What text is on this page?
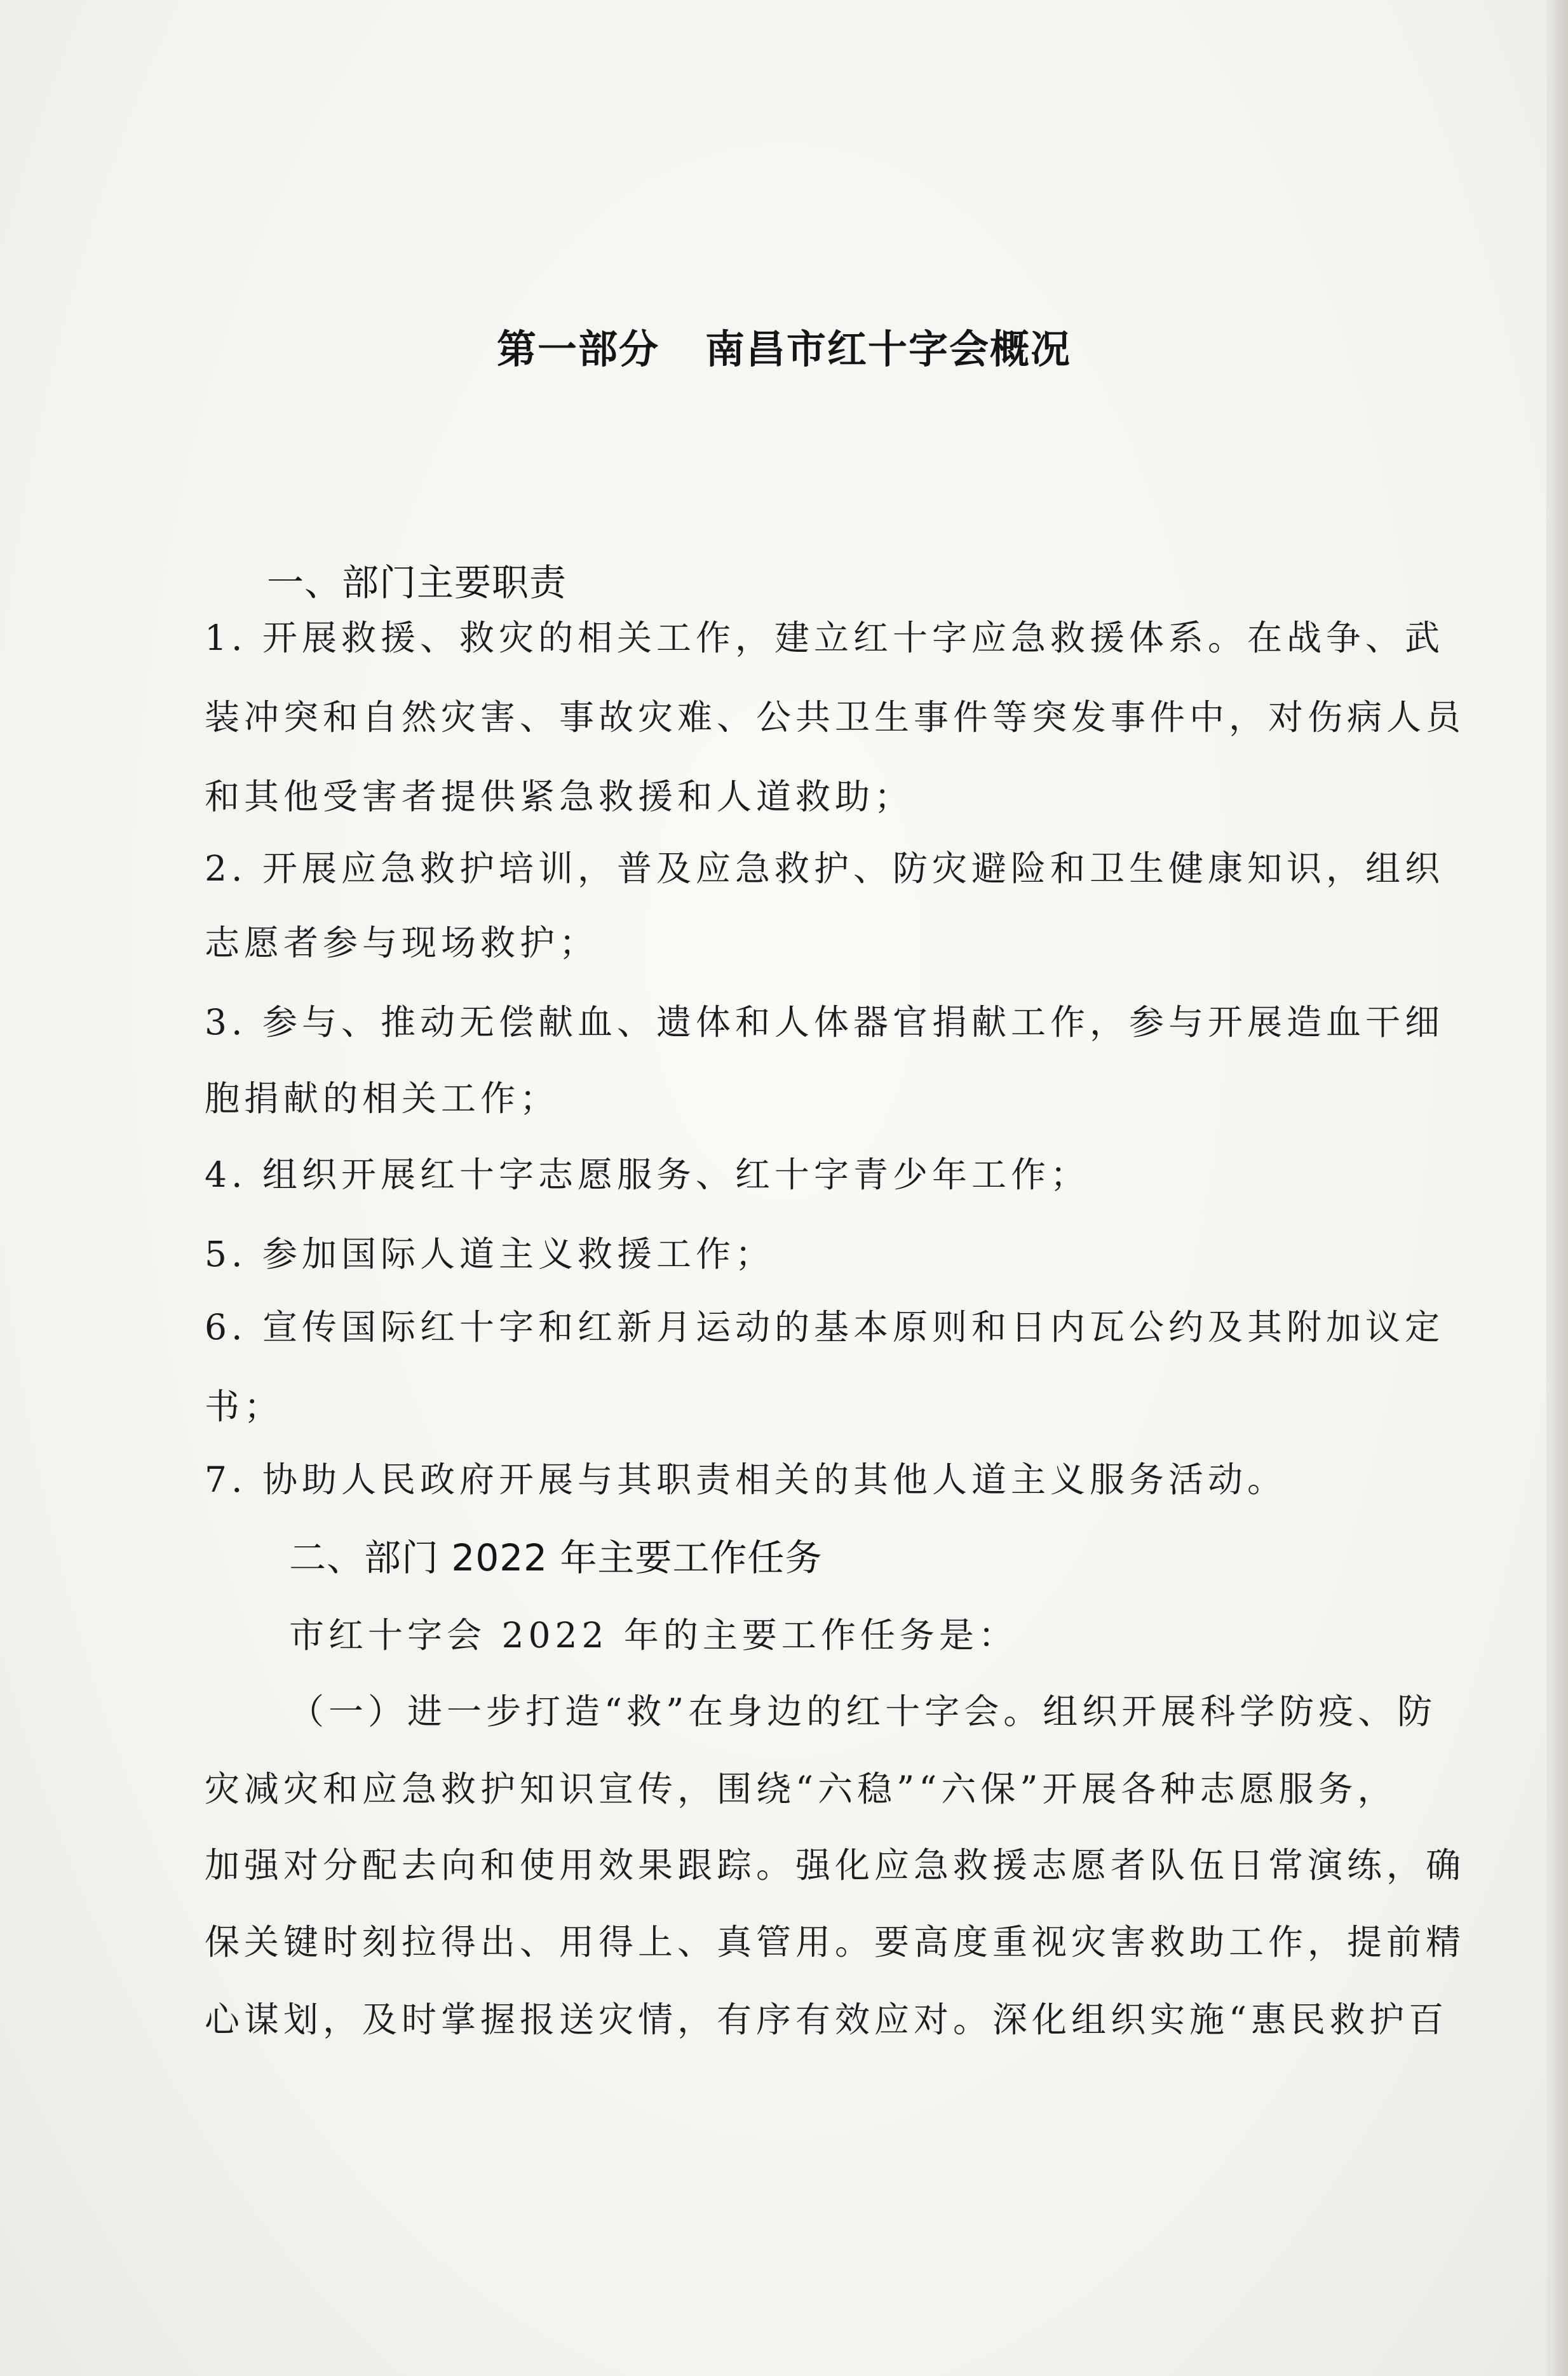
第一部分 南昌市红十字会概况
一、部门主要职责
1. 开展救援、救灾的相关工作，建立红十字应急救援体系。在战争、武
装冲突和自然灾害、事故灾难、公共卫生事件等突发事件中，对伤病人员
和其他受害者提供紧急救援和人道救助；
2. 开展应急救护培训，普及应急救护、防灾避险和卫生健康知识，组织
志愿者参与现场救护；
3. 参与、推动无偿献血、遗体和人体器官捐献工作，参与开展造血干细
胞捐献的相关工作；
4. 组织开展红十字志愿服务、红十字青少年工作；
5. 参加国际人道主义救援工作；
6. 宣传国际红十字和红新月运动的基本原则和日内瓦公约及其附加议定
书；
7. 协助人民政府开展与其职责相关的其他人道主义服务活动。
二、部门 2022 年主要工作任务
市红十字会 2022 年的主要工作任务是：
（一）进一步打造“救”在身边的红十字会。组织开展科学防疫、防
灾减灾和应急救护知识宣传，围绕“六稳”“六保”开展各种志愿服务，
加强对分配去向和使用效果跟踪。强化应急救援志愿者队伍日常演练，确
保关键时刻拉得出、用得上、真管用。要高度重视灾害救助工作，提前精
心谋划，及时掌握报送灾情，有序有效应对。深化组织实施“惠民救护百
